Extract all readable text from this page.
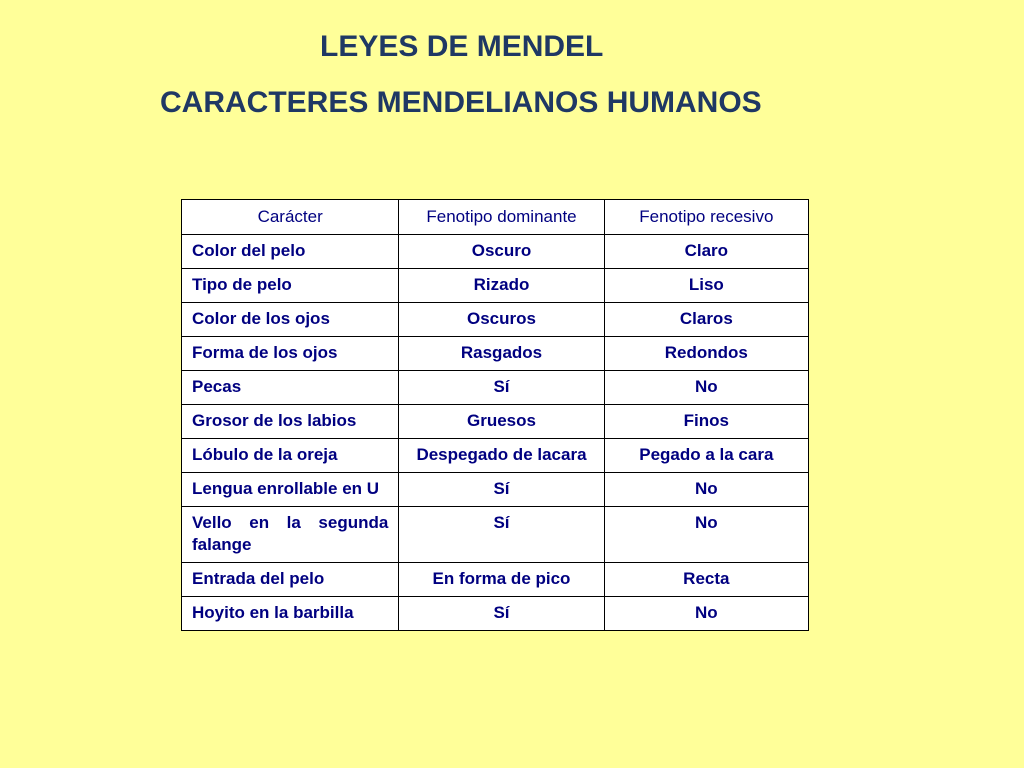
LEYES DE MENDEL
CARACTERES MENDELIANOS HUMANOS
Carácter	Fenotipo dominante	Fenotipo recesivo
Color del pelo	Oscuro	Claro
Tipo de pelo	Rizado	Liso
Color de los ojos	Oscuros	Claros
Forma de los ojos	Rasgados	Redondos
Pecas	Sí	No
Grosor de los labios	Gruesos	Finos
Lóbulo de la oreja	Despegado de lacara	Pegado a la cara
Lengua enrollable en U	Sí	No
Vello en la segunda falange	Sí	No
Entrada del pelo	En forma de pico	Recta
Hoyito en la barbilla	Sí	No
